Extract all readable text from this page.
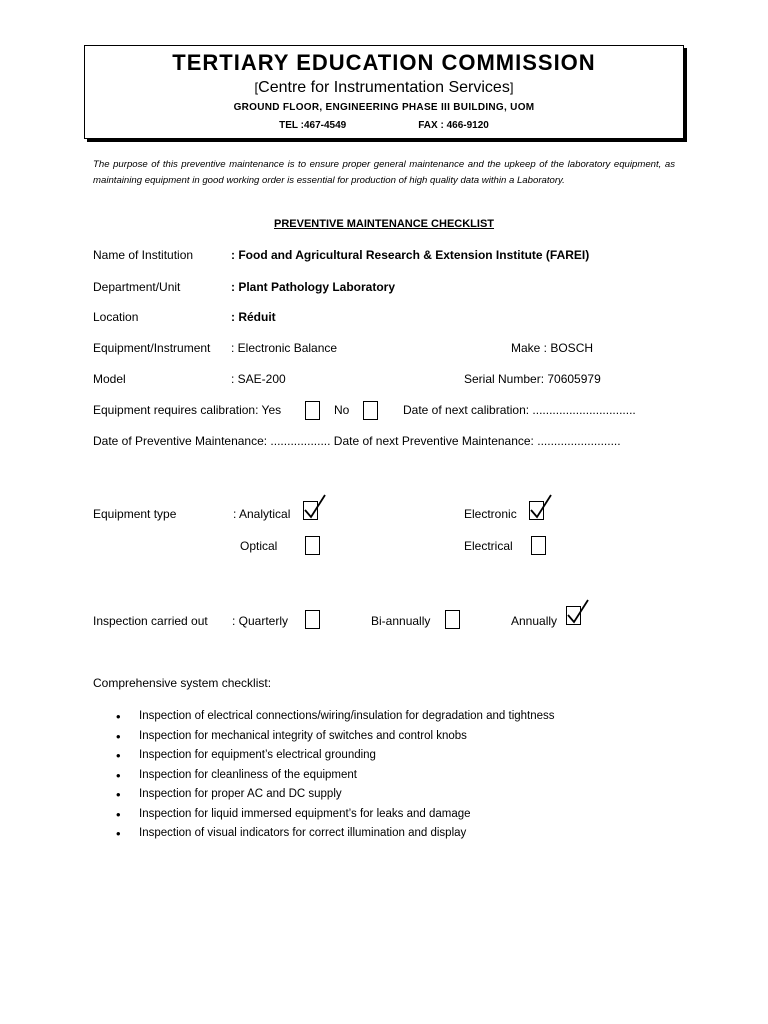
TERTIARY EDUCATION COMMISSION
[Centre for Instrumentation Services]
GROUND FLOOR, ENGINEERING PHASE III BUILDING, UOM
TEL :467-4549	FAX : 466-9120
The purpose of this preventive maintenance is to ensure proper general maintenance and the upkeep of the laboratory equipment, as maintaining equipment in good working order is essential for production of high quality data within a Laboratory.
PREVENTIVE MAINTENANCE CHECKLIST
Name of Institution	: Food and Agricultural Research & Extension Institute (FAREI)
Department/Unit	: Plant Pathology Laboratory
Location	: Réduit
Equipment/Instrument : Electronic Balance	Make : BOSCH
Model	: SAE-200	Serial Number: 70605979
Equipment requires calibration: Yes	No	Date of next calibration: ...............................
Date of Preventive Maintenance: .................. Date of next Preventive Maintenance: .........................
Equipment type	: Analytical	Electronic
Optical	Electrical
Inspection carried out : Quarterly	Bi-annually	Annually
Comprehensive system checklist:
• Inspection of electrical connections/wiring/insulation for degradation and tightness
• Inspection for mechanical integrity of switches and control knobs
• Inspection for equipment’s electrical grounding
• Inspection for cleanliness of the equipment
• Inspection for proper AC and DC supply
• Inspection for liquid immersed equipment’s for leaks and damage
• Inspection of visual indicators for correct illumination and display
